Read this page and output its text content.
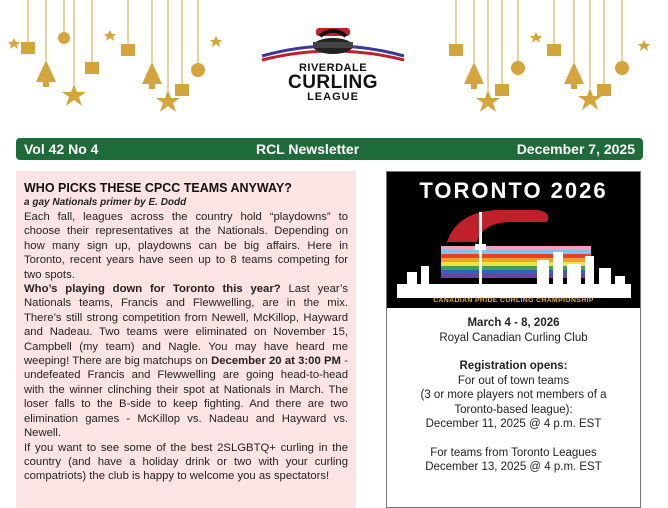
RIVERDALE
CURLING
LEAGUE
Vol 42 No 4	RCL Newsletter	December 7, 2025
WHO PICKS THESE CPCC TEAMS ANYWAY?
a gay Nationals primer by E. Dodd

Each fall, leagues across the country hold “playdowns” to choose their representatives at the Nationals. Depending on how many sign up, playdowns can be big affairs. Here in Toronto, recent years have seen up to 8 teams competing for two spots.

Who’s playing down for Toronto this year? Last year’s Nationals teams, Francis and Flewwelling, are in the mix. There’s still strong competition from Newell, McKillop, Hayward and Nadeau. Two teams were eliminated on November 15, Campbell (my team) and Nagle. You may have heard me weeping! There are big matchups on December 20 at 3:00 PM - undefeated Francis and Flewwelling are going head-to-head with the winner clinching their spot at Nationals in March. The loser falls to the B-side to keep fighting. And there are two elimination games - McKillop vs. Nadeau and Hayward vs. Newell.

If you want to see some of the best 2SLGBTQ+ curling in the country (and have a holiday drink or two with your curling compatriots) the club is happy to welcome you as spectators!

TORONTO 2026
CANADIAN PRIDE CURLING CHAMPIONSHIP
March 4 - 8, 2026
Royal Canadian Curling Club
Registration opens:
For out of town teams
(3 or more players not members of a
Toronto-based league):
December 11, 2025 @ 4 p.m. EST
For teams from Toronto Leagues
December 13, 2025 @ 4 p.m. EST
